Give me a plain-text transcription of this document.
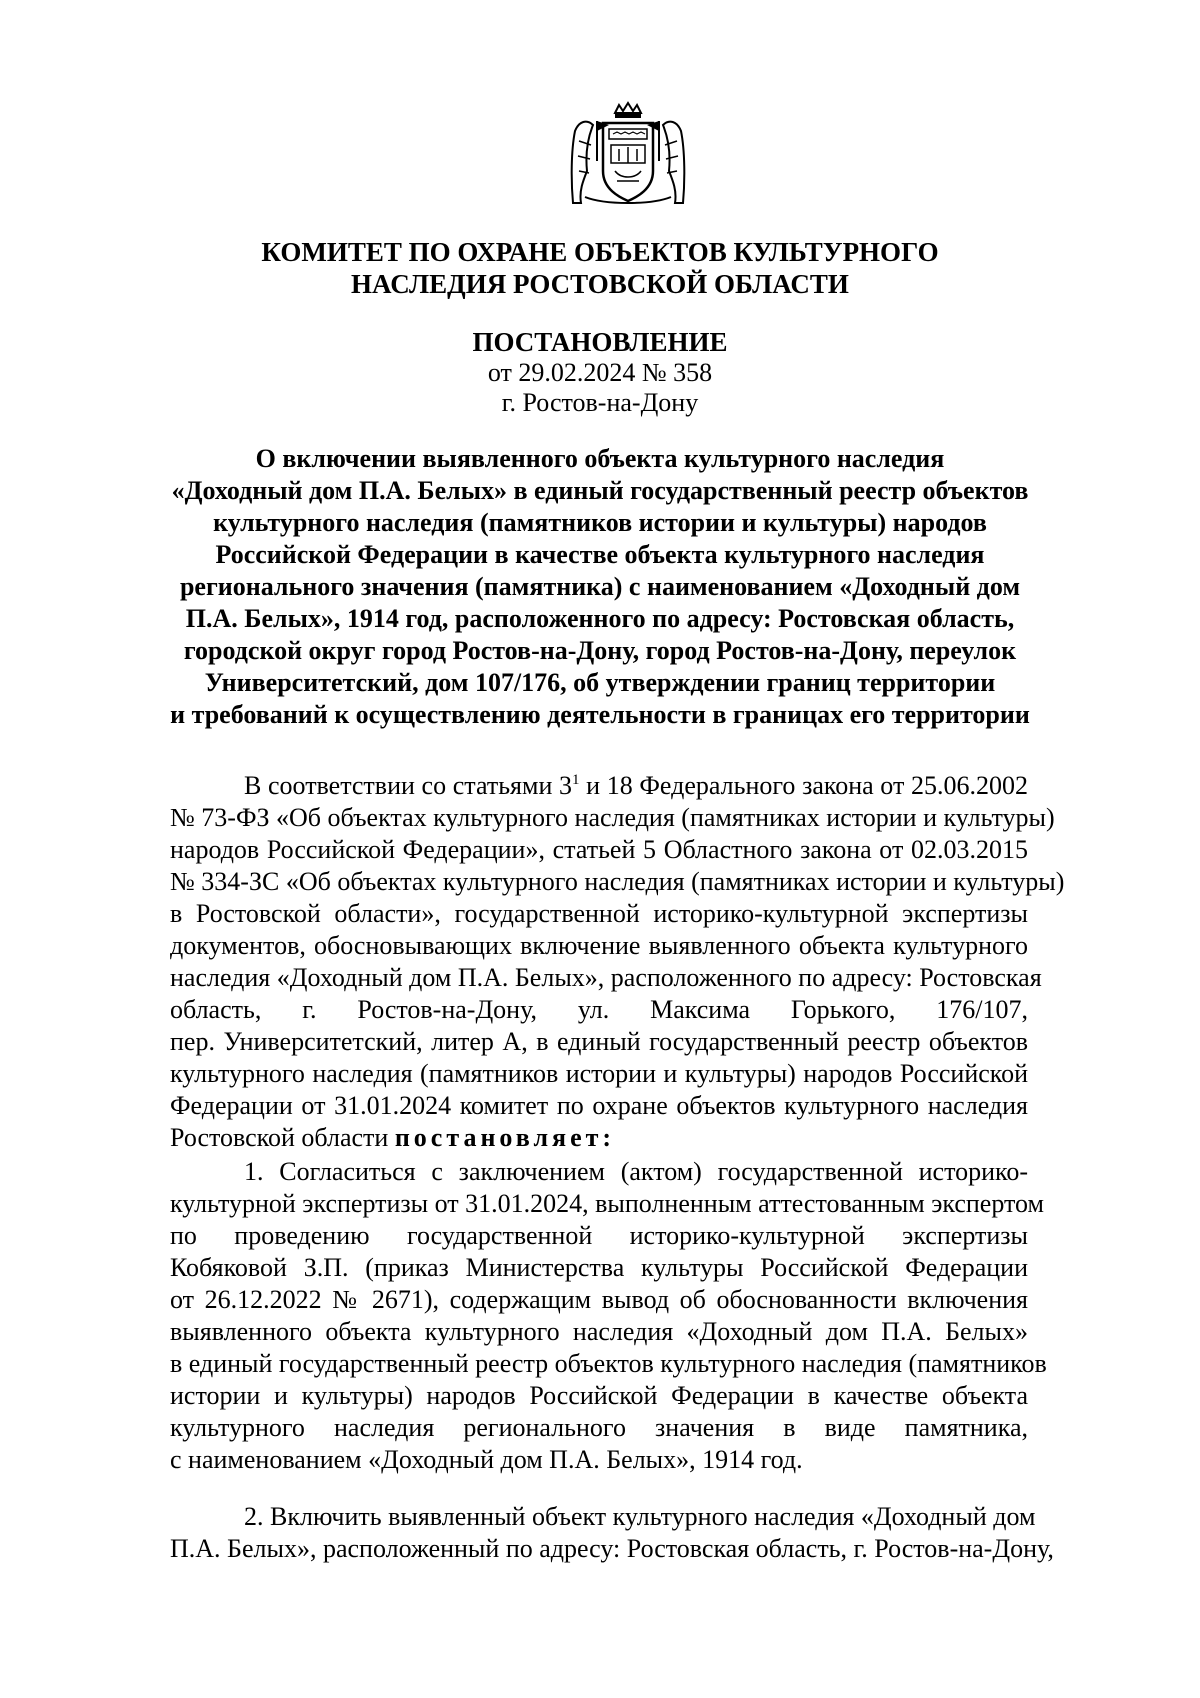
КОМИТЕТ ПО ОХРАНЕ ОБЪЕКТОВ КУЛЬТУРНОГО
НАСЛЕДИЯ РОСТОВСКОЙ ОБЛАСТИ
ПОСТАНОВЛЕНИЕ
от 29.02.2024 № 358
г. Ростов-на-Дону
О включении выявленного объекта культурного наследия
«Доходный дом П.А. Белых» в единый государственный реестр объектов
культурного наследия (памятников истории и культуры) народов
Российской Федерации в качестве объекта культурного наследия
регионального значения (памятника) с наименованием «Доходный дом
П.А. Белых», 1914 год, расположенного по адресу: Ростовская область,
городской округ город Ростов-на-Дону, город Ростов-на-Дону, переулок
Университетский, дом 107/176, об утверждении границ территории
и требований к осуществлению деятельности в границах его территории
В соответствии со статьями $3^1$ и 18 Федерального закона от 25.06.2002
№ 73-ФЗ «Об объектах культурного наследия (памятниках истории и культуры)
народов Российской Федерации», статьей 5 Областного закона от 02.03.2015
№ 334-ЗС «Об объектах культурного наследия (памятниках истории и культуры)
в Ростовской области», государственной историко-культурной экспертизы
документов, обосновывающих включение выявленного объекта культурного
наследия «Доходный дом П.А. Белых», расположенного по адресу: Ростовская
область, г. Ростов-на-Дону, ул. Максима Горького, 176/107,
пер. Университетский, литер А, в единый государственный реестр объектов
культурного наследия (памятников истории и культуры) народов Российской
Федерации от 31.01.2024 комитет по охране объектов культурного наследия
Ростовской области постановляет:
1. Согласиться с заключением (актом) государственной историко-
культурной экспертизы от 31.01.2024, выполненным аттестованным экспертом
по проведению государственной историко-культурной экспертизы
Кобяковой З.П. (приказ Министерства культуры Российской Федерации
от 26.12.2022 № 2671), содержащим вывод об обоснованности включения
выявленного объекта культурного наследия «Доходный дом П.А. Белых»
в единый государственный реестр объектов культурного наследия (памятников
истории и культуры) народов Российской Федерации в качестве объекта
культурного наследия регионального значения в виде памятника,
с наименованием «Доходный дом П.А. Белых», 1914 год.
2. Включить выявленный объект культурного наследия «Доходный дом
П.А. Белых», расположенный по адресу: Ростовская область, г. Ростов-на-Дону,
